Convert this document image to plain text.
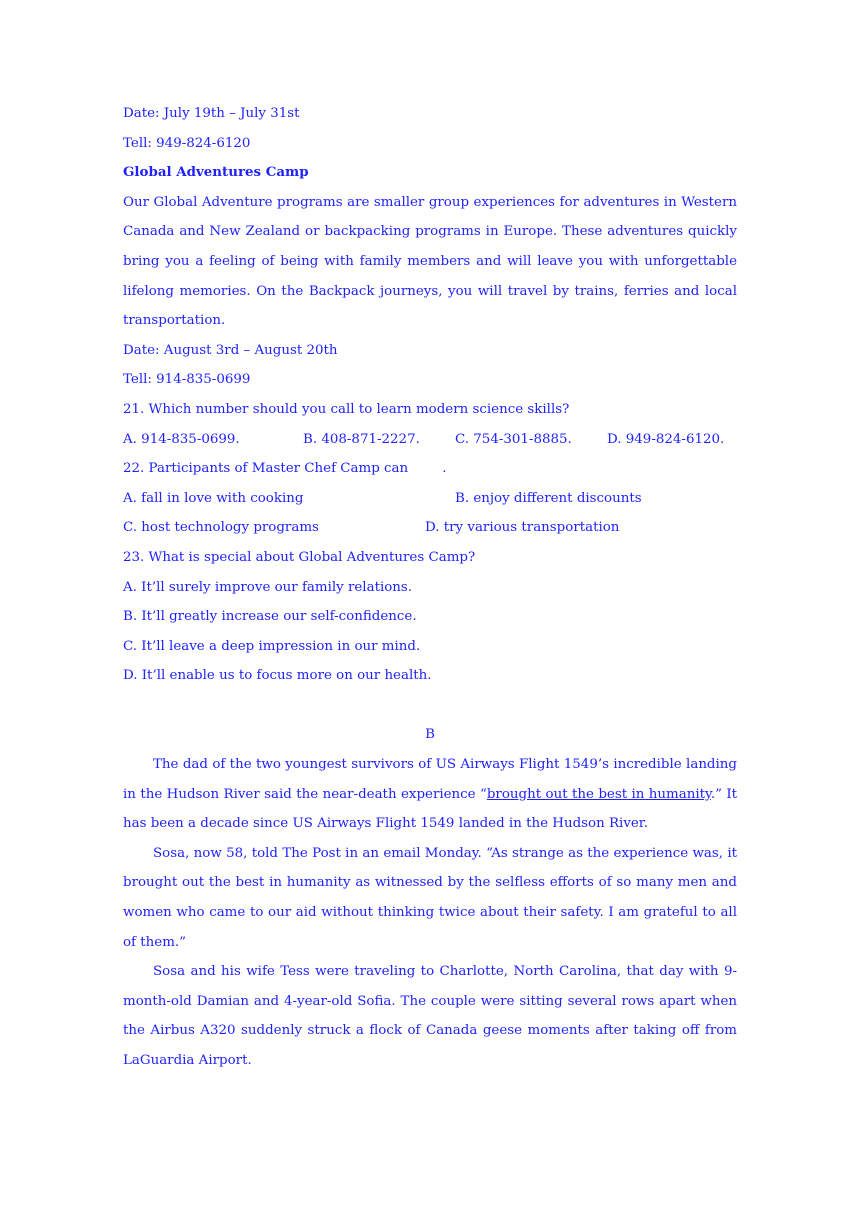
Date: July 19th – July 31st
Tell: 949-824-6120
Global Adventures Camp

Our Global Adventure programs are smaller group experiences for adventures in Western Canada and New Zealand or backpacking programs in Europe. These adventures quickly bring you a feeling of being with family members and will leave you with unforgettable lifelong memories. On the Backpack journeys, you will travel by trains, ferries and local transportation.

Date: August 3rd – August 20th
Tell: 914-835-0699
21. Which number should you call to learn modern science skills?
A. 914-835-0699.	B. 408-871-2227.	C. 754-301-8885.	D. 949-824-6120.
22. Participants of Master Chef Camp can        .
A. fall in love with cooking	B. enjoy different discounts
C. host technology programs	D. try various transportation
23. What is special about Global Adventures Camp?
A. It’ll surely improve our family relations.
B. It’ll greatly increase our self-confidence.
C. It’ll leave a deep impression in our mind.
D. It’ll enable us to focus more on our health.
B

The dad of the two youngest survivors of US Airways Flight 1549’s incredible landing in the Hudson River said the near-death experience “brought out the best in humanity.” It has been a decade since US Airways Flight 1549 landed in the Hudson River.

Sosa, now 58, told The Post in an email Monday. “As strange as the experience was, it brought out the best in humanity as witnessed by the selfless efforts of so many men and women who came to our aid without thinking twice about their safety. I am grateful to all of them.”

Sosa and his wife Tess were traveling to Charlotte, North Carolina, that day with 9-month-old Damian and 4-year-old Sofia. The couple were sitting several rows apart when the Airbus A320 suddenly struck a flock of Canada geese moments after taking off from LaGuardia Airport.
